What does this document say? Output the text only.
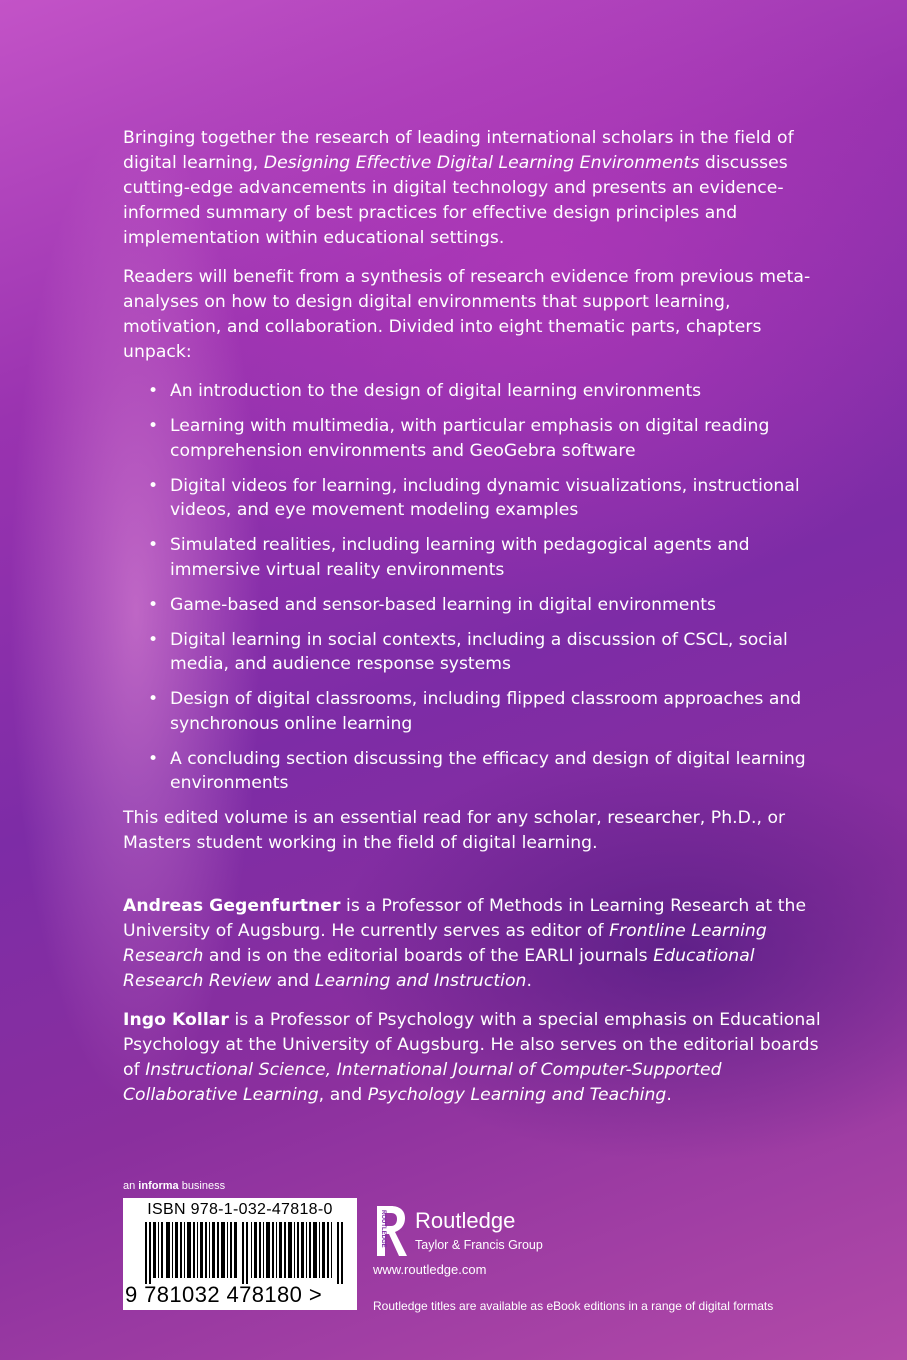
Bringing together the research of leading international scholars in the field of digital learning, Designing Effective Digital Learning Environments discusses cutting-edge advancements in digital technology and presents an evidence-informed summary of best practices for effective design principles and implementation within educational settings.

Readers will benefit from a synthesis of research evidence from previous meta-analyses on how to design digital environments that support learning, motivation, and collaboration. Divided into eight thematic parts, chapters unpack:

• An introduction to the design of digital learning environments
• Learning with multimedia, with particular emphasis on digital reading comprehension environments and GeoGebra software
• Digital videos for learning, including dynamic visualizations, instructional videos, and eye movement modeling examples
• Simulated realities, including learning with pedagogical agents and immersive virtual reality environments
• Game-based and sensor-based learning in digital environments
• Digital learning in social contexts, including a discussion of CSCL, social media, and audience response systems
• Design of digital classrooms, including flipped classroom approaches and synchronous online learning
• A concluding section discussing the efficacy and design of digital learning environments

This edited volume is an essential read for any scholar, researcher, Ph.D., or Masters student working in the field of digital learning.

Andreas Gegenfurtner is a Professor of Methods in Learning Research at the University of Augsburg. He currently serves as editor of Frontline Learning Research and is on the editorial boards of the EARLI journals Educational Research Review and Learning and Instruction.

Ingo Kollar is a Professor of Psychology with a special emphasis on Educational Psychology at the University of Augsburg. He also serves on the editorial boards of Instructional Science, International Journal of Computer-Supported Collaborative Learning, and Psychology Learning and Teaching.

an informa business
ISBN 978-1-032-47818-0
9 781032 478180 >
ROUTLEDGE Routledge
Taylor & Francis Group
www.routledge.com
Routledge titles are available as eBook editions in a range of digital formats
